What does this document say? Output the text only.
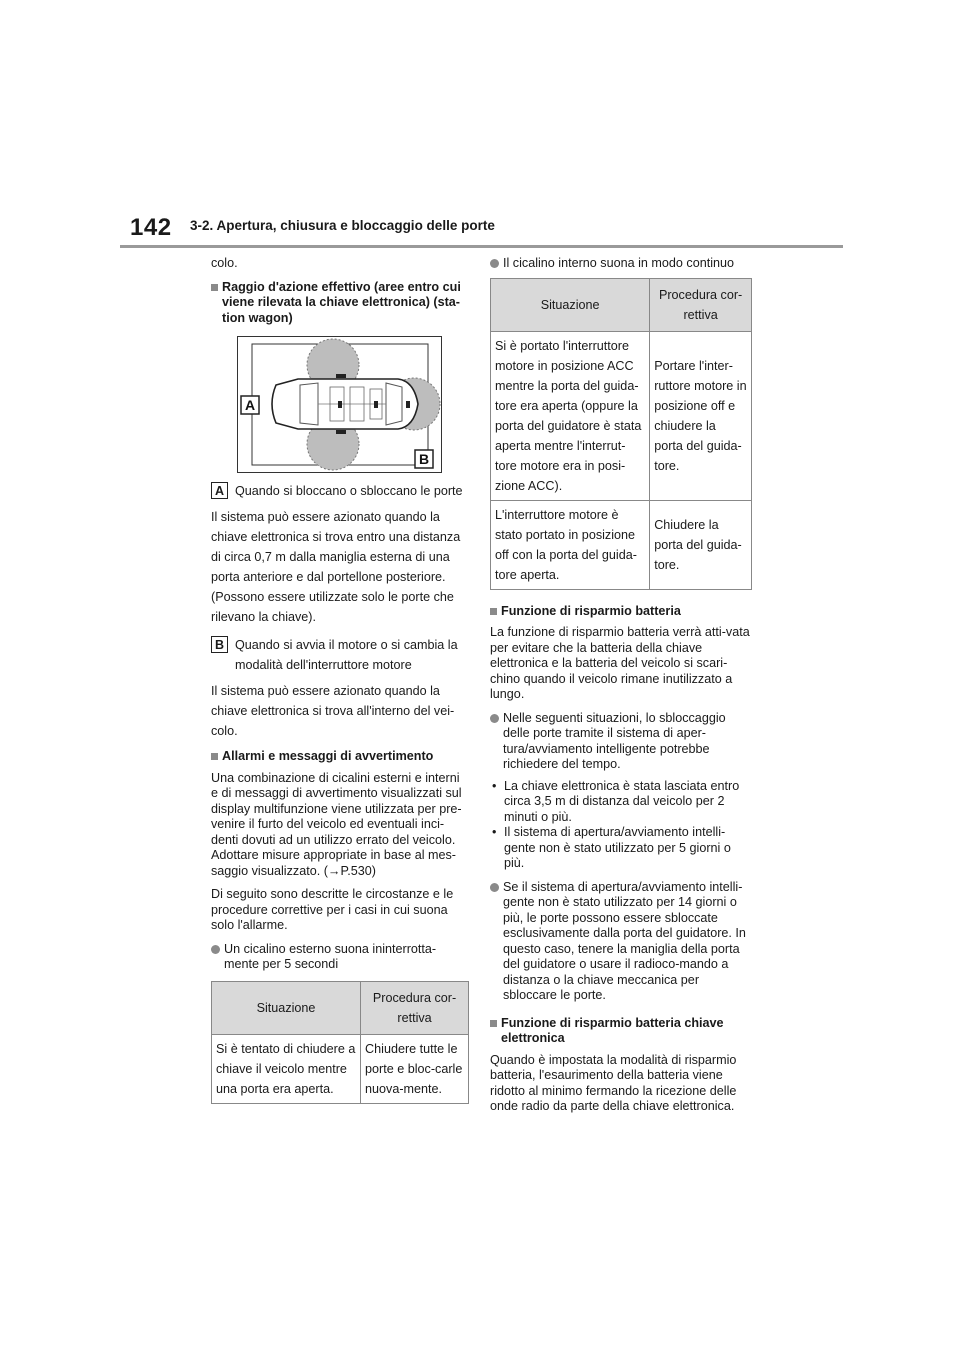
142 3-2. Apertura, chiusura e bloccaggio delle porte

colo.

Raggio d'azione effettivo (aree entro cui viene rilevata la chiave elettronica) (sta-tion wagon)
A
B
A Quando si bloccano o sbloccano le porte

Il sistema può essere azionato quando la chiave elettronica si trova entro una distanza di circa 0,7 m dalla maniglia esterna di una porta anteriore e dal portellone posteriore. (Possono essere utilizzate solo le porte che rilevano la chiave).

B Quando si avvia il motore o si cambia la modalità dell'interruttore motore

Il sistema può essere azionato quando la chiave elettronica si trova all'interno del vei-colo.

Allarmi e messaggi di avvertimento

Una combinazione di cicalini esterni e interni e di messaggi di avvertimento visualizzati sul display multifunzione viene utilizzata per pre-venire il furto del veicolo ed eventuali inci-denti dovuti ad un utilizzo errato del veicolo. Adottare misure appropriate in base al mes-saggio visualizzato. (→P.530)

Di seguito sono descritte le circostanze e le procedure correttive per i casi in cui suona solo l'allarme.

Un cicalino esterno suona ininterrotta-mente per 5 secondi
Situazione	Procedura cor-rettiva
Si è tentato di chiudere a chiave il veicolo mentre una porta era aperta.	Chiudere tutte le porte e bloc-carle nuova-mente.
Il cicalino interno suona in modo continuo
Situazione	Procedura cor-rettiva
Si è portato l'interruttore motore in posizione ACC mentre la porta del guida-tore era aperta (oppure la porta del guidatore è stata aperta mentre l'interrut-tore motore era in posi-zione ACC).	Portare l'inter-ruttore motore in posizione off e chiudere la porta del guida-tore.
L'interruttore motore è stato portato in posizione off con la porta del guida-tore aperta.	Chiudere la porta del guida-tore.
Funzione di risparmio batteria

La funzione di risparmio batteria verrà atti-vata per evitare che la batteria della chiave elettronica e la batteria del veicolo si scari-chino quando il veicolo rimane inutilizzato a lungo.

Nelle seguenti situazioni, lo sbloccaggio delle porte tramite il sistema di aper-tura/avviamento intelligente potrebbe richiedere del tempo.

• La chiave elettronica è stata lasciata entro circa 3,5 m di distanza dal veicolo per 2 minuti o più.

• Il sistema di apertura/avviamento intelli-gente non è stato utilizzato per 5 giorni o più.

Se il sistema di apertura/avviamento intelli-gente non è stato utilizzato per 14 giorni o più, le porte possono essere sbloccate esclusivamente dalla porta del guidatore. In questo caso, tenere la maniglia della porta del guidatore o usare il radioco-mando a distanza o la chiave meccanica per sbloccare le porte.
Funzione di risparmio batteria chiave elettronica

Quando è impostata la modalità di risparmio batteria, l'esaurimento della batteria viene ridotto al minimo fermando la ricezione delle onde radio da parte della chiave elettronica.
